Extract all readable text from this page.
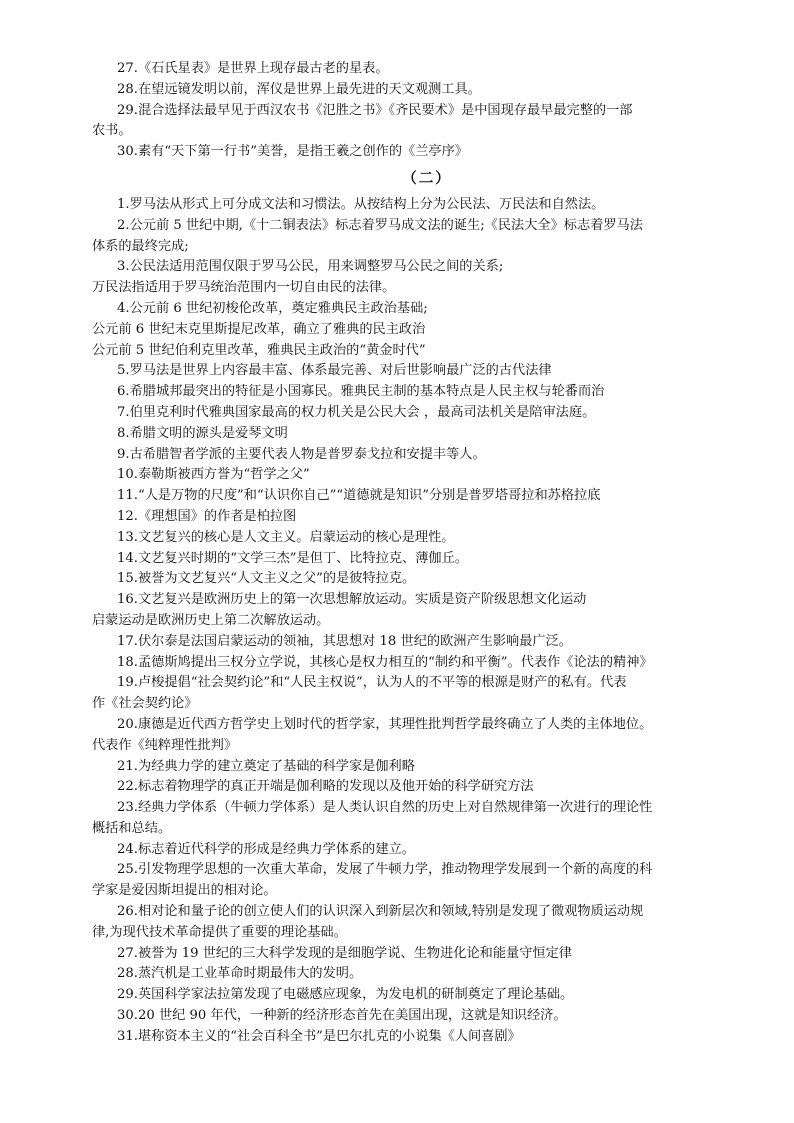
27.《石氏星表》是世界上现存最古老的星表。
28.在望远镜发明以前，浑仪是世界上最先进的天文观测工具。
29.混合选择法最早见于西汉农书《氾胜之书》《齐民要术》是中国现存最早最完整的一部
农书。
30.素有“天下第一行书”美誉，是指王羲之创作的《兰亭序》
（二）
1.罗马法从形式上可分成文法和习惯法。从按结构上分为公民法、万民法和自然法。
2.公元前 5 世纪中期,《十二铜表法》标志着罗马成文法的诞生;《民法大全》标志着罗马法
体系的最终完成;
3.公民法适用范围仅限于罗马公民，用来调整罗马公民之间的关系;
万民法指适用于罗马统治范围内一切自由民的法律。
4.公元前 6 世纪初梭伦改革，奠定雅典民主政治基础;
公元前 6 世纪末克里斯提尼改革，确立了雅典的民主政治
公元前 5 世纪伯利克里改革，雅典民主政治的“黄金时代”
5.罗马法是世界上内容最丰富、体系最完善、对后世影响最广泛的古代法律
6.希腊城邦最突出的特征是小国寡民。雅典民主制的基本特点是人民主权与轮番而治
7.伯里克利时代雅典国家最高的权力机关是公民大会 ，最高司法机关是陪审法庭。
8.希腊文明的源头是爱琴文明
9.古希腊智者学派的主要代表人物是普罗泰戈拉和安提丰等人。
10.泰勒斯被西方誉为“哲学之父”
11.“人是万物的尺度”和“认识你自己”“道德就是知识”分别是普罗塔哥拉和苏格拉底
12.《理想国》的作者是柏拉图
13.文艺复兴的核心是人文主义。启蒙运动的核心是理性。
14.文艺复兴时期的“文学三杰”是但丁、比特拉克、薄伽丘。
15.被誉为文艺复兴“人文主义之父”的是彼特拉克。
16.文艺复兴是欧洲历史上的第一次思想解放运动。实质是资产阶级思想文化运动
启蒙运动是欧洲历史上第二次解放运动。
17.伏尔泰是法国启蒙运动的领袖，其思想对 18 世纪的欧洲产生影响最广泛。
18.孟德斯鸠提出三权分立学说，其核心是权力相互的“制约和平衡”。代表作《论法的精神》
19.卢梭提倡“社会契约论”和“人民主权说”，认为人的不平等的根源是财产的私有。代表
作《社会契约论》
20.康德是近代西方哲学史上划时代的哲学家，其理性批判哲学最终确立了人类的主体地位。
代表作《纯粹理性批判》
21.为经典力学的建立奠定了基础的科学家是伽利略
22.标志着物理学的真正开端是伽利略的发现以及他开始的科学研究方法
23.经典力学体系（牛顿力学体系）是人类认识自然的历史上对自然规律第一次进行的理论性
概括和总结。
24.标志着近代科学的形成是经典力学体系的建立。
25.引发物理学思想的一次重大革命，发展了牛顿力学，推动物理学发展到一个新的高度的科
学家是爱因斯坦提出的相对论。
26.相对论和量子论的创立使人们的认识深入到新层次和领域,特别是发现了微观物质运动规
律,为现代技术革命提供了重要的理论基础。
27.被誉为 19 世纪的三大科学发现的是细胞学说、生物进化论和能量守恒定律
28.蒸汽机是工业革命时期最伟大的发明。
29.英国科学家法拉第发现了电磁感应现象，为发电机的研制奠定了理论基础。
30.20 世纪 90 年代，一种新的经济形态首先在美国出现，这就是知识经济。
31.堪称资本主义的“社会百科全书”是巴尔扎克的小说集《人间喜剧》
